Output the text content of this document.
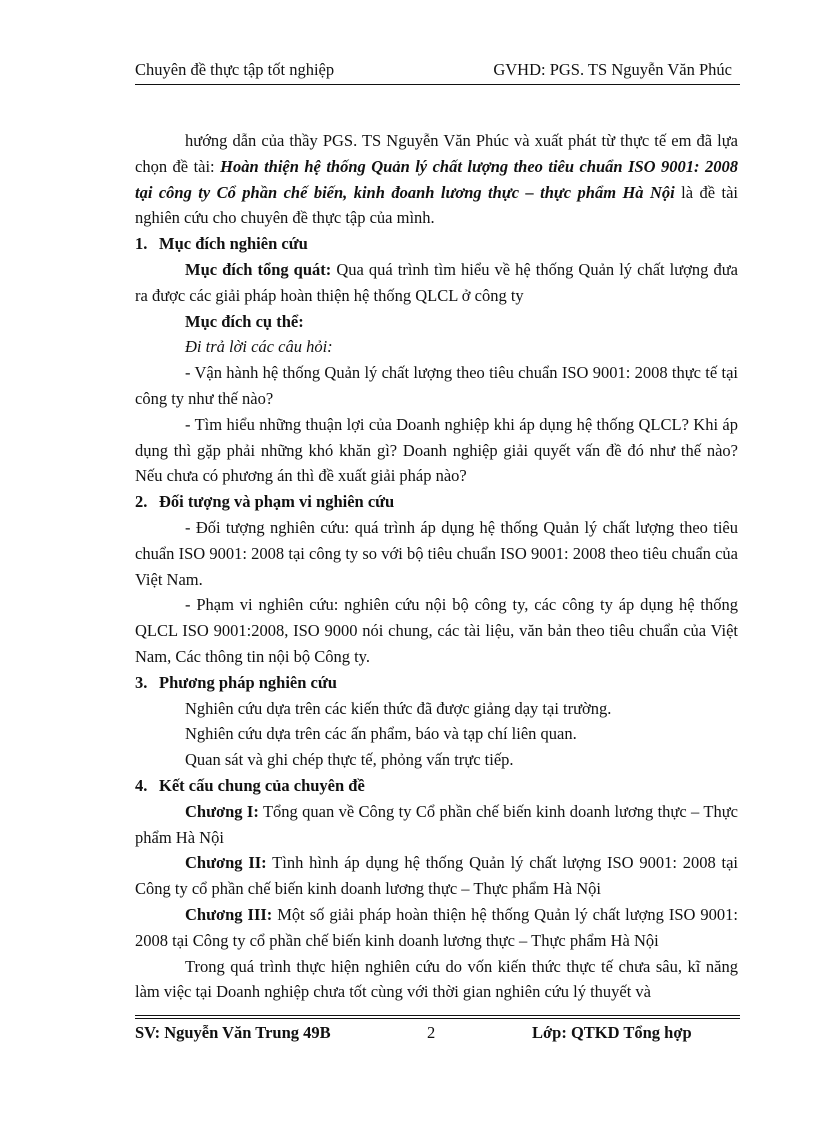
Chuyên đề thực tập tốt nghiệp	GVHD: PGS. TS Nguyễn Văn Phúc

hướng dẫn của thầy PGS. TS Nguyễn Văn Phúc và xuất phát từ thực tế em đã lựa chọn đề tài: Hoàn thiện hệ thống Quản lý chất lượng theo tiêu chuẩn ISO 9001: 2008 tại công ty Cổ phần chế biến, kinh đoanh lương thực – thực phẩm Hà Nội là đề tài nghiên cứu cho chuyên đề thực tập của mình.

1. Mục đích nghiên cứu

Mục đích tổng quát: Qua quá trình tìm hiểu về hệ thống Quản lý chất lượng đưa ra được các giải pháp hoàn thiện hệ thống QLCL ở công ty

Mục đích cụ thể:

Đi trả lời các câu hỏi:

- Vận hành hệ thống Quản lý chất lượng theo tiêu chuẩn ISO 9001: 2008 thực tế tại công ty như thế nào?

- Tìm hiểu những thuận lợi của Doanh nghiệp khi áp dụng hệ thống QLCL? Khi áp dụng thì gặp phải những khó khăn gì? Doanh nghiệp giải quyết vấn đề đó như thế nào? Nếu chưa có phương án thì đề xuất giải pháp nào?

2. Đối tượng và phạm vi nghiên cứu

- Đối tượng nghiên cứu: quá trình áp dụng hệ thống Quản lý chất lượng theo tiêu chuẩn ISO 9001: 2008 tại công ty so với bộ tiêu chuẩn ISO 9001: 2008 theo tiêu chuẩn của Việt Nam.

- Phạm vi nghiên cứu: nghiên cứu nội bộ công ty, các công ty áp dụng hệ thống QLCL ISO 9001:2008, ISO 9000 nói chung, các tài liệu, văn bản theo tiêu chuẩn của Việt Nam, Các thông tin nội bộ Công ty.

3. Phương pháp nghiên cứu

Nghiên cứu dựa trên các kiến thức đã được giảng dạy tại trường.

Nghiên cứu dựa trên các ấn phẩm, báo và tạp chí liên quan.

Quan sát và ghi chép thực tế, phỏng vấn trực tiếp.

4. Kết cấu chung của chuyên đề

Chương I: Tổng quan về Công ty Cổ phần chế biến kinh doanh lương thực – Thực phẩm Hà Nội

Chương II: Tình hình áp dụng hệ thống Quản lý chất lượng ISO 9001: 2008 tại Công ty cổ phần chế biến kinh doanh lương thực – Thực phẩm Hà Nội

Chương III: Một số giải pháp hoàn thiện hệ thống Quản lý chất lượng ISO 9001: 2008 tại Công ty cổ phần chế biến kinh doanh lương thực – Thực phẩm Hà Nội

Trong quá trình thực hiện nghiên cứu do vốn kiến thức thực tế chưa sâu, kĩ năng làm việc tại Doanh nghiệp chưa tốt cùng với thời gian nghiên cứu lý thuyết và

SV: Nguyễn Văn Trung 49B	2	Lớp: QTKD Tổng hợp
